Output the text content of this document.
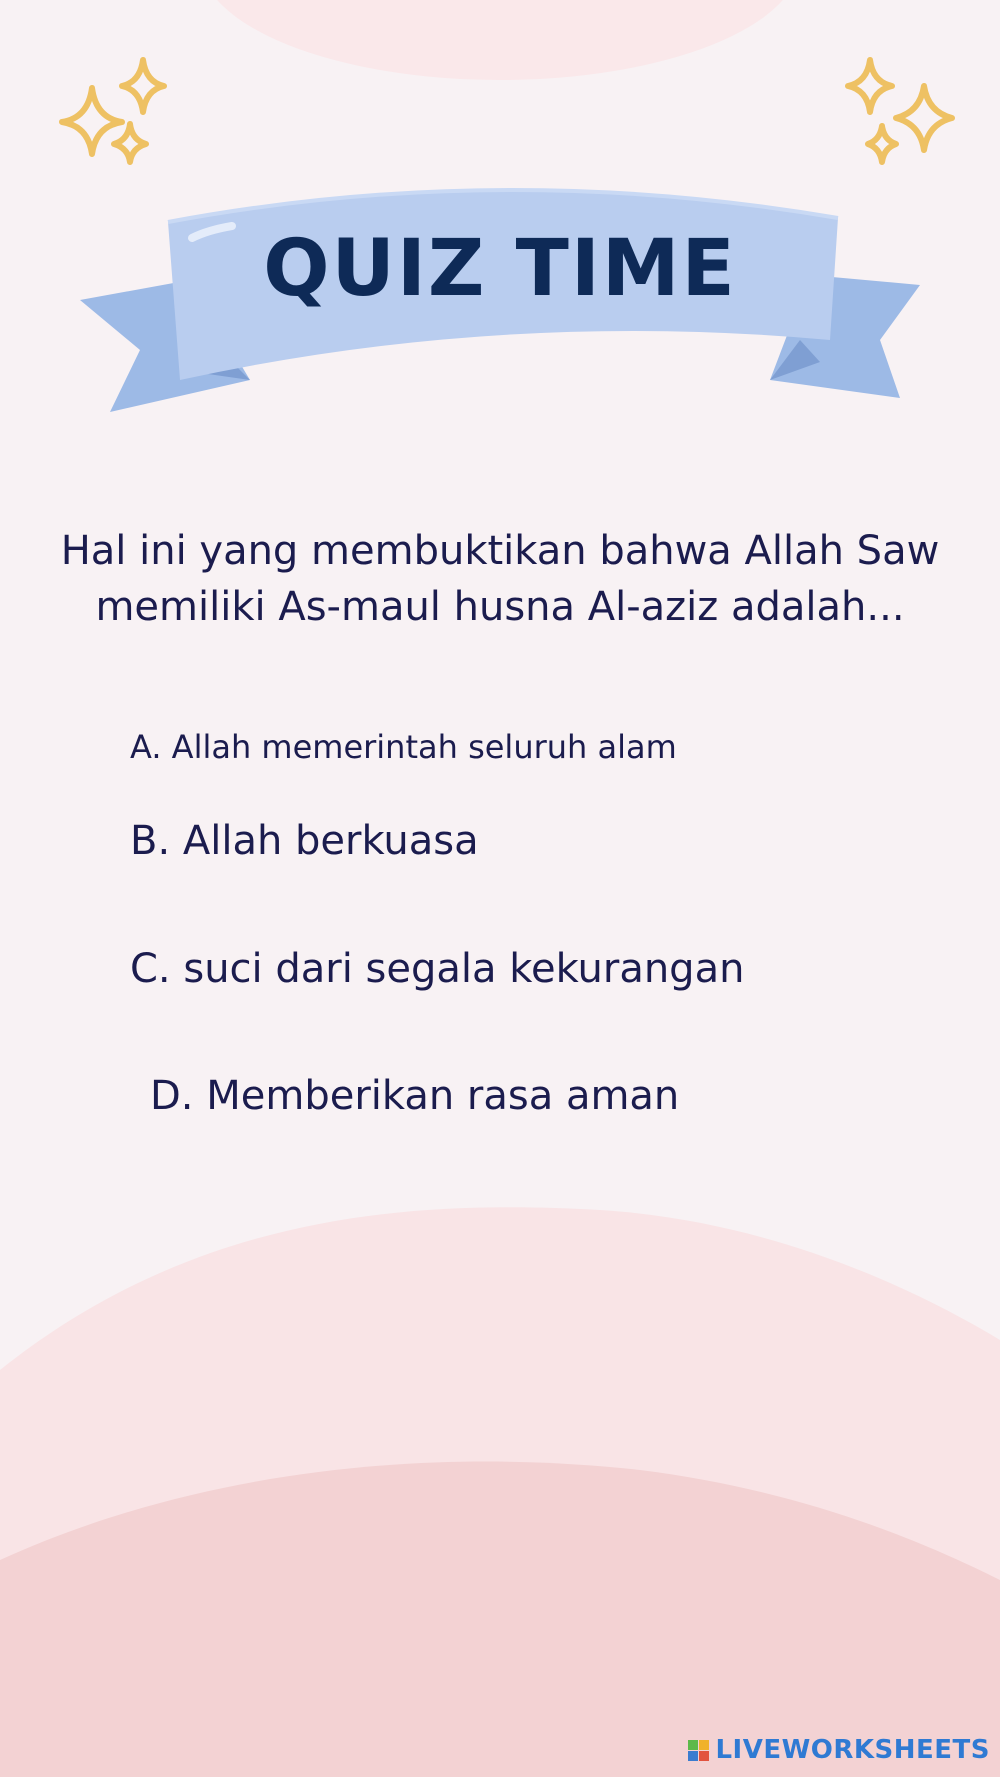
QUIZ TIME

Hal ini yang membuktikan bahwa Allah Saw memiliki As-maul husna Al-aziz adalah...

A. Allah memerintah seluruh alam

B. Allah berkuasa

C. suci dari segala kekurangan

D. Memberikan rasa aman

LIVEWORKSHEETS
